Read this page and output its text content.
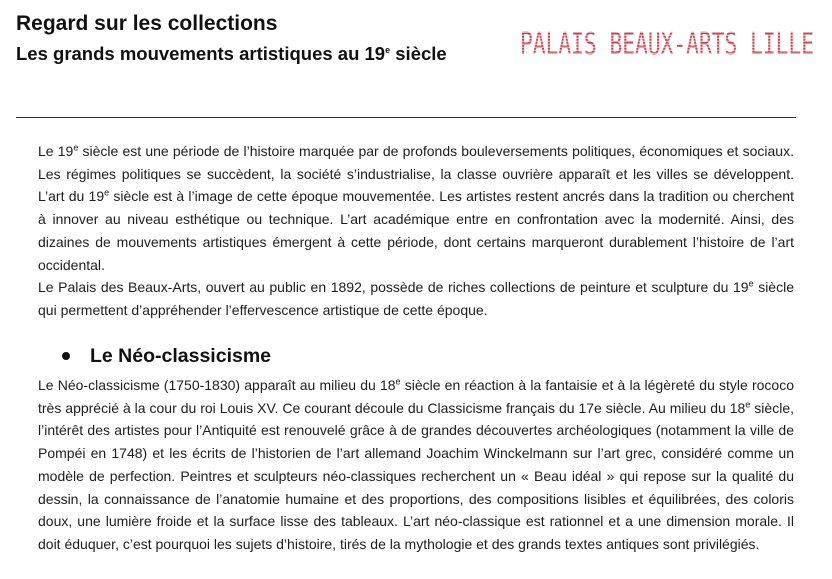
Regard sur les collections
Les grands mouvements artistiques au 19e siècle

Le 19e siècle est une période de l’histoire marquée par de profonds bouleversements politiques, économiques et sociaux. Les régimes politiques se succèdent, la société s’industrialise, la classe ouvrière apparaît et les villes se développent. L’art du 19e siècle est à l’image de cette époque mouvementée. Les artistes restent ancrés dans la tradition ou cherchent à innover au niveau esthétique ou technique. L’art académique entre en confrontation avec la modernité. Ainsi, des dizaines de mouvements artistiques émergent à cette période, dont certains marqueront durablement l’histoire de l’art occidental.

Le Palais des Beaux-Arts, ouvert au public en 1892, possède de riches collections de peinture et sculpture du 19e siècle qui permettent d’appréhender l’effervescence artistique de cette époque.

Le Néo-classicisme

Le Néo-classicisme (1750-1830) apparaît au milieu du 18e siècle en réaction à la fantaisie et à la légèreté du style rococo très apprécié à la cour du roi Louis XV. Ce courant découle du Classicisme français du 17e siècle. Au milieu du 18e siècle, l’intérêt des artistes pour l’Antiquité est renouvelé grâce à de grandes découvertes archéologiques (notamment la ville de Pompéi en 1748) et les écrits de l’historien de l’art allemand Joachim Winckelmann sur l’art grec, considéré comme un modèle de perfection. Peintres et sculpteurs néo-classiques recherchent un « Beau idéal » qui repose sur la qualité du dessin, la connaissance de l’anatomie humaine et des proportions, des compositions lisibles et équilibrées, des coloris doux, une lumière froide et la surface lisse des tableaux. L’art néo-classique est rationnel et a une dimension morale. Il doit éduquer, c’est pourquoi les sujets d’histoire, tirés de la mythologie et des grands textes antiques sont privilégiés.
